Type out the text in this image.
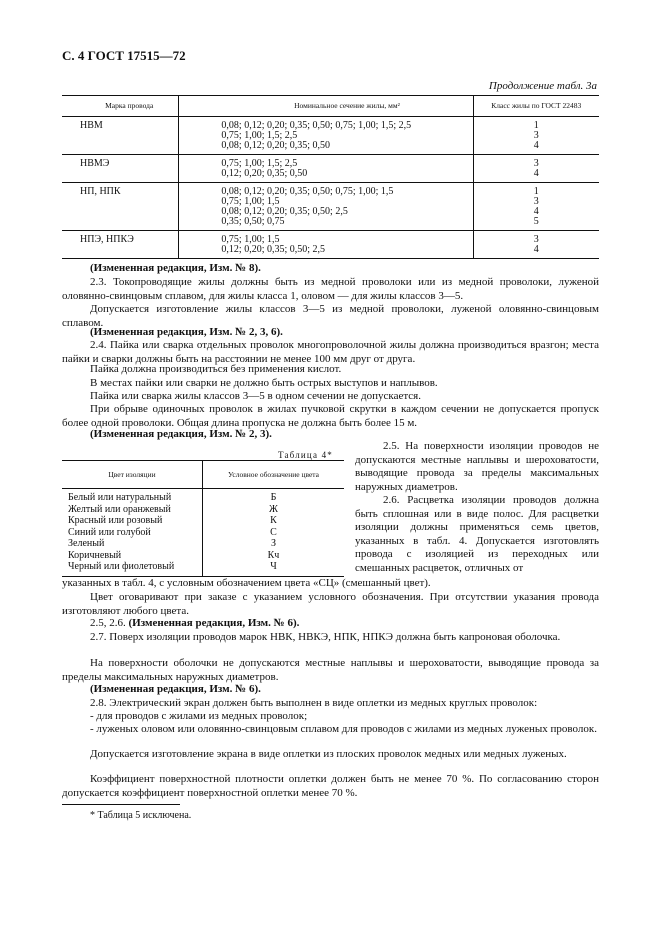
С. 4 ГОСТ 17515—72
Продолжение табл. 3а
Марка провода	Номинальное сечение жилы, мм²	Класс жилы по ГОСТ 22483
НВМ	0,08; 0,12; 0,20; 0,35; 0,50; 0,75; 1,00; 1,5; 2,5
0,75; 1,00; 1,5; 2,5
0,08; 0,12; 0,20; 0,35; 0,50	1
3
4

НВМЭ	0,75; 1,00; 1,5; 2,5
0,12; 0,20; 0,35; 0,50	3
4

НП, НПК	0,08; 0,12; 0,20; 0,35; 0,50; 0,75; 1,00; 1,5
0,75; 1,00; 1,5
0,08; 0,12; 0,20; 0,35; 0,50; 2,5
0,35; 0,50; 0,75	1
3
4
5

НПЭ, НПКЭ	0,75; 1,00; 1,5
0,12; 0,20; 0,35; 0,50; 2,5	3
4
(Измененная редакция, Изм. № 8).
2.3. Токопроводящие жилы должны быть из медной проволоки или из медной проволоки, луженой оловянно-свинцовым сплавом, для жилы класса 1, оловом — для жилы классов 3—5.
Допускается изготовление жилы классов 3—5 из медной проволоки, луженой оловянно-свинцовым сплавом.
(Измененная редакция, Изм. № 2, 3, 6).
2.4. Пайка или сварка отдельных проволок многопроволочной жилы должна производиться вразгон; места пайки и сварки должны быть на расстоянии не менее 100 мм друг от друга.
Пайка должна производиться без применения кислот.
В местах пайки или сварки не должно быть острых выступов и наплывов.
Пайка или сварка жилы классов 3—5 в одном сечении не допускается.
При обрыве одиночных проволок в жилах пучковой скрутки в каждом сечении не допускается пропуск более одной проволоки. Общая длина пропуска не должна быть более 15 м.
(Измененная редакция, Изм. № 2, 3).
Таблица 4*
Цвет изоляции	Условное обозначение цвета
Белый или натуральный	Б
Желтый или оранжевый	Ж
Красный или розовый	К
Синий или голубой	С
Зеленый	З
Коричневый	Кч
Черный или фиолетовый	Ч
2.5. На поверхности изоляции проводов не допускаются местные наплывы и шероховатости, выводящие провода за пределы максимальных наружных диаметров.
2.6. Расцветка изоляции проводов должна быть сплошная или в виде полос. Для расцветки изоляции должны применяться семь цветов, указанных в табл. 4. Допускается изготовлять провода с изоляцией из переходных или смешанных расцветок, отличных от
указанных в табл. 4, с условным обозначением цвета «СЦ» (смешанный цвет).
Цвет оговаривают при заказе с указанием условного обозначения. При отсутствии указания провода изготовляют любого цвета.
2.5, 2.6. (Измененная редакция, Изм. № 6).
2.7. Поверх изоляции проводов марок НВК, НВКЭ, НПК, НПКЭ должна быть капроновая оболочка.
На поверхности оболочки не допускаются местные наплывы и шероховатости, выводящие провода за пределы максимальных наружных диаметров.
(Измененная редакция, Изм. № 6).
2.8. Электрический экран должен быть выполнен в виде оплетки из медных круглых проволок:
- для проводов с жилами из медных проволок;
- луженых оловом или оловянно-свинцовым сплавом для проводов с жилами из медных луженых проволок.
Допускается изготовление экрана в виде оплетки из плоских проволок медных или медных луженых.
Коэффициент поверхностной плотности оплетки должен быть не менее 70 %. По согласованию сторон допускается коэффициент поверхностной оплетки менее 70 %.
* Таблица 5 исключена.
